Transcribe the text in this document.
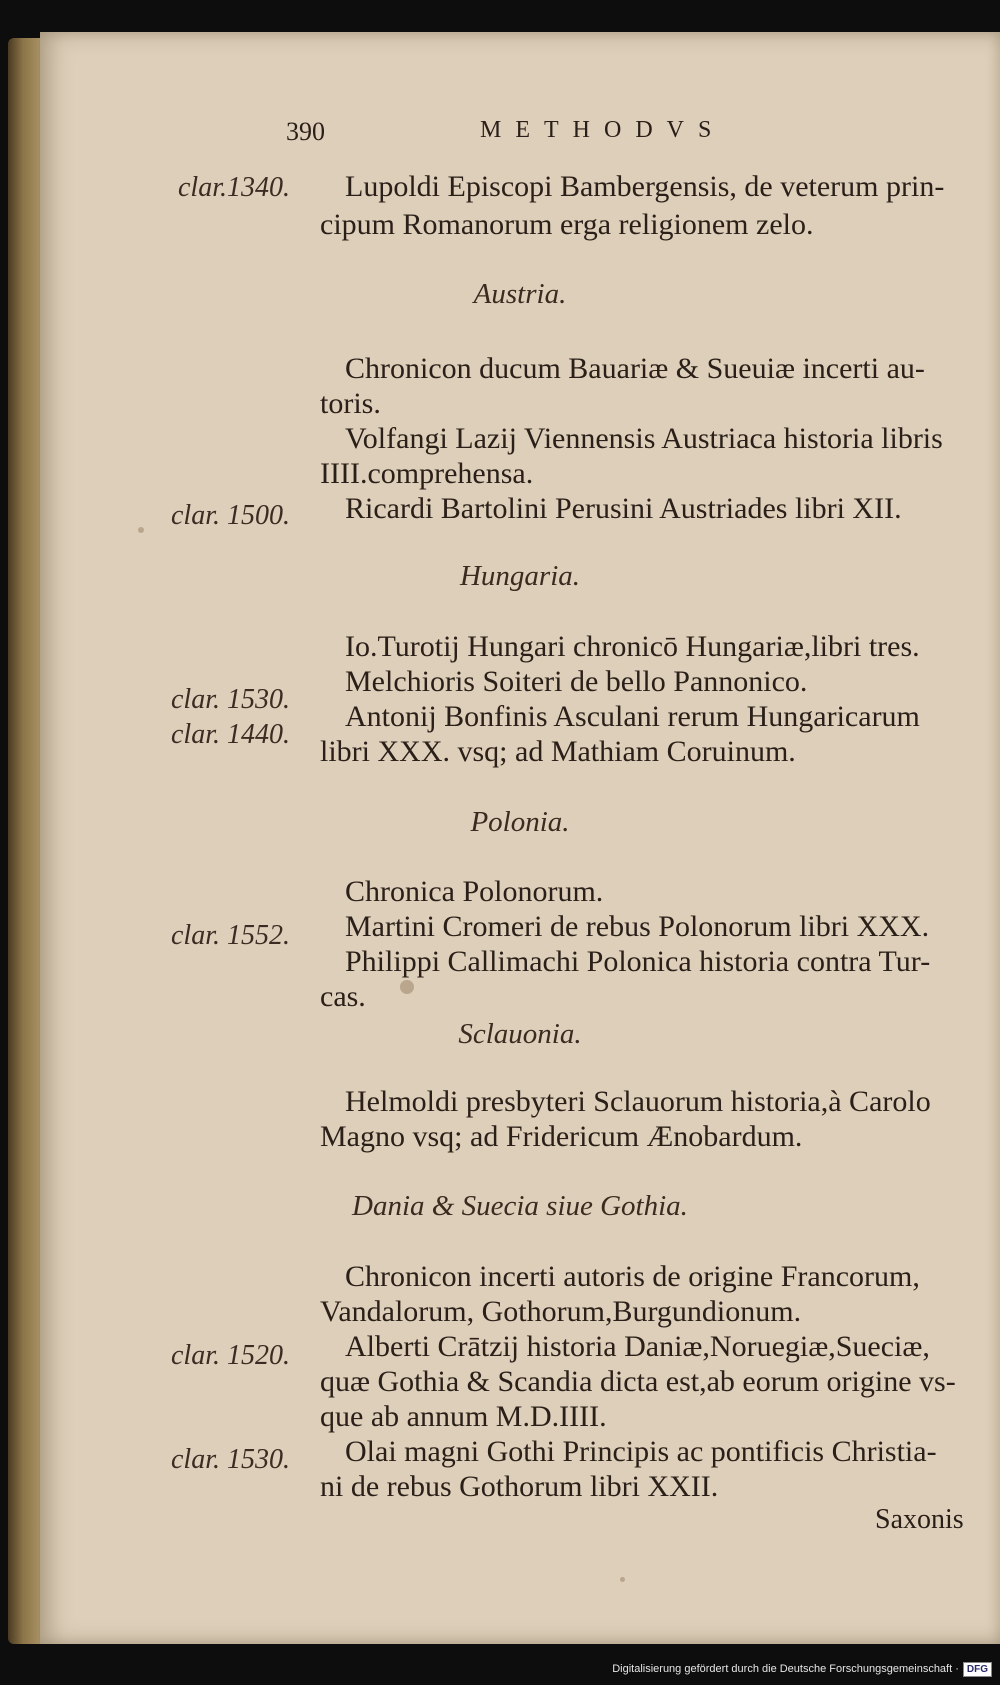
390	METHODVS
clar.1340. Lupoldi Episcopi Bambergensis, de veterum prin-
cipum Romanorum erga religionem zelo.
Austria.
Chronicon ducum Bauariæ & Sueuiæ incerti au-
toris.
Volfangi Lazij Viennensis Austriaca historia libris
IIII.comprehensa.
clar. 1500. Ricardi Bartolini Perusini Austriades libri XII.
Hungaria.
Io.Turotij Hungari chronicō Hungariæ,libri tres.
clar. 1530.
Melchioris Soiteri de bello Pannonico.
clar. 1440.
Antonij Bonfinis Asculani rerum Hungaricarum
libri XXX. vsq; ad Mathiam Coruinum.
Polonia.
Chronica Polonorum.
clar. 1552. Martini Cromeri de rebus Polonorum libri XXX.
Philippi Callimachi Polonica historia contra Tur-
cas.
Sclauonia.
Helmoldi presbyteri Sclauorum historia,à Carolo
Magno vsq; ad Fridericum Ænobardum.
Dania & Suecia siue Gothia.
Chronicon incerti autoris de origine Francorum,
Vandalorum, Gothorum,Burgundionum.
clar. 1520. Alberti Crātzij historia Daniæ,Noruegiæ,Sueciæ,
quæ Gothia & Scandia dicta est,ab eorum origine vs-
que ab annum M.D.IIII.
clar. 1530. Olai magni Gothi Principis ac pontificis Christia-
ni de rebus Gothorum libri XXII.
Saxonis
Digitalisierung gefördert durch die Deutsche Forschungsgemeinschaft · DFG
